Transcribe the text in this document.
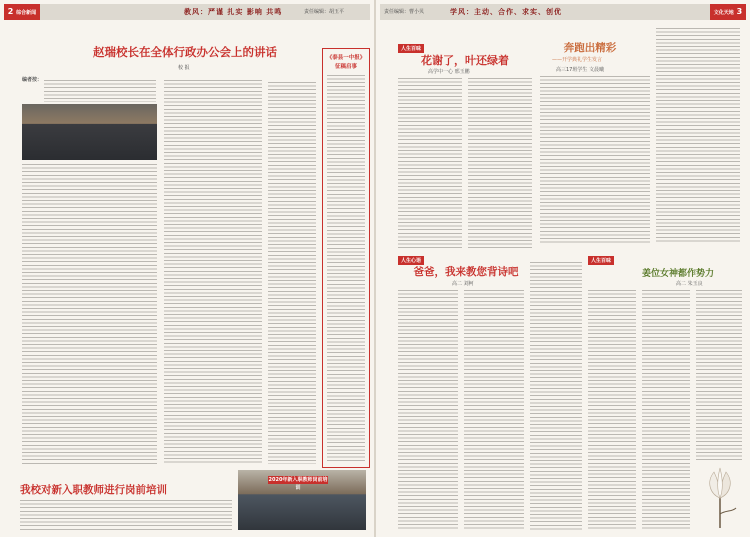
2 综合新闻	教风：严谨 扎实 影响 共鸣	责任编辑：胡玉平
赵瑞校长在全体行政办公会上的讲话
校 报
编者按：
《泰县一中报》
征稿启事
我校对新入职教师进行岗前培训
2020年新入职教师岗前培训
责任编辑：曹小贝	学风：主动、合作、求实、创优	文化天地 3
人生百味
花谢了，叶还绿着
高学中一心 邢玉鹏
奔跑出精彩
——开学典礼学生发言
高三17班学生 文晨曦
人生心语
爸爸，我来教您背诗吧
高二 刘柯
人生百味
姜位女神都作势力
高二 朱玉良
